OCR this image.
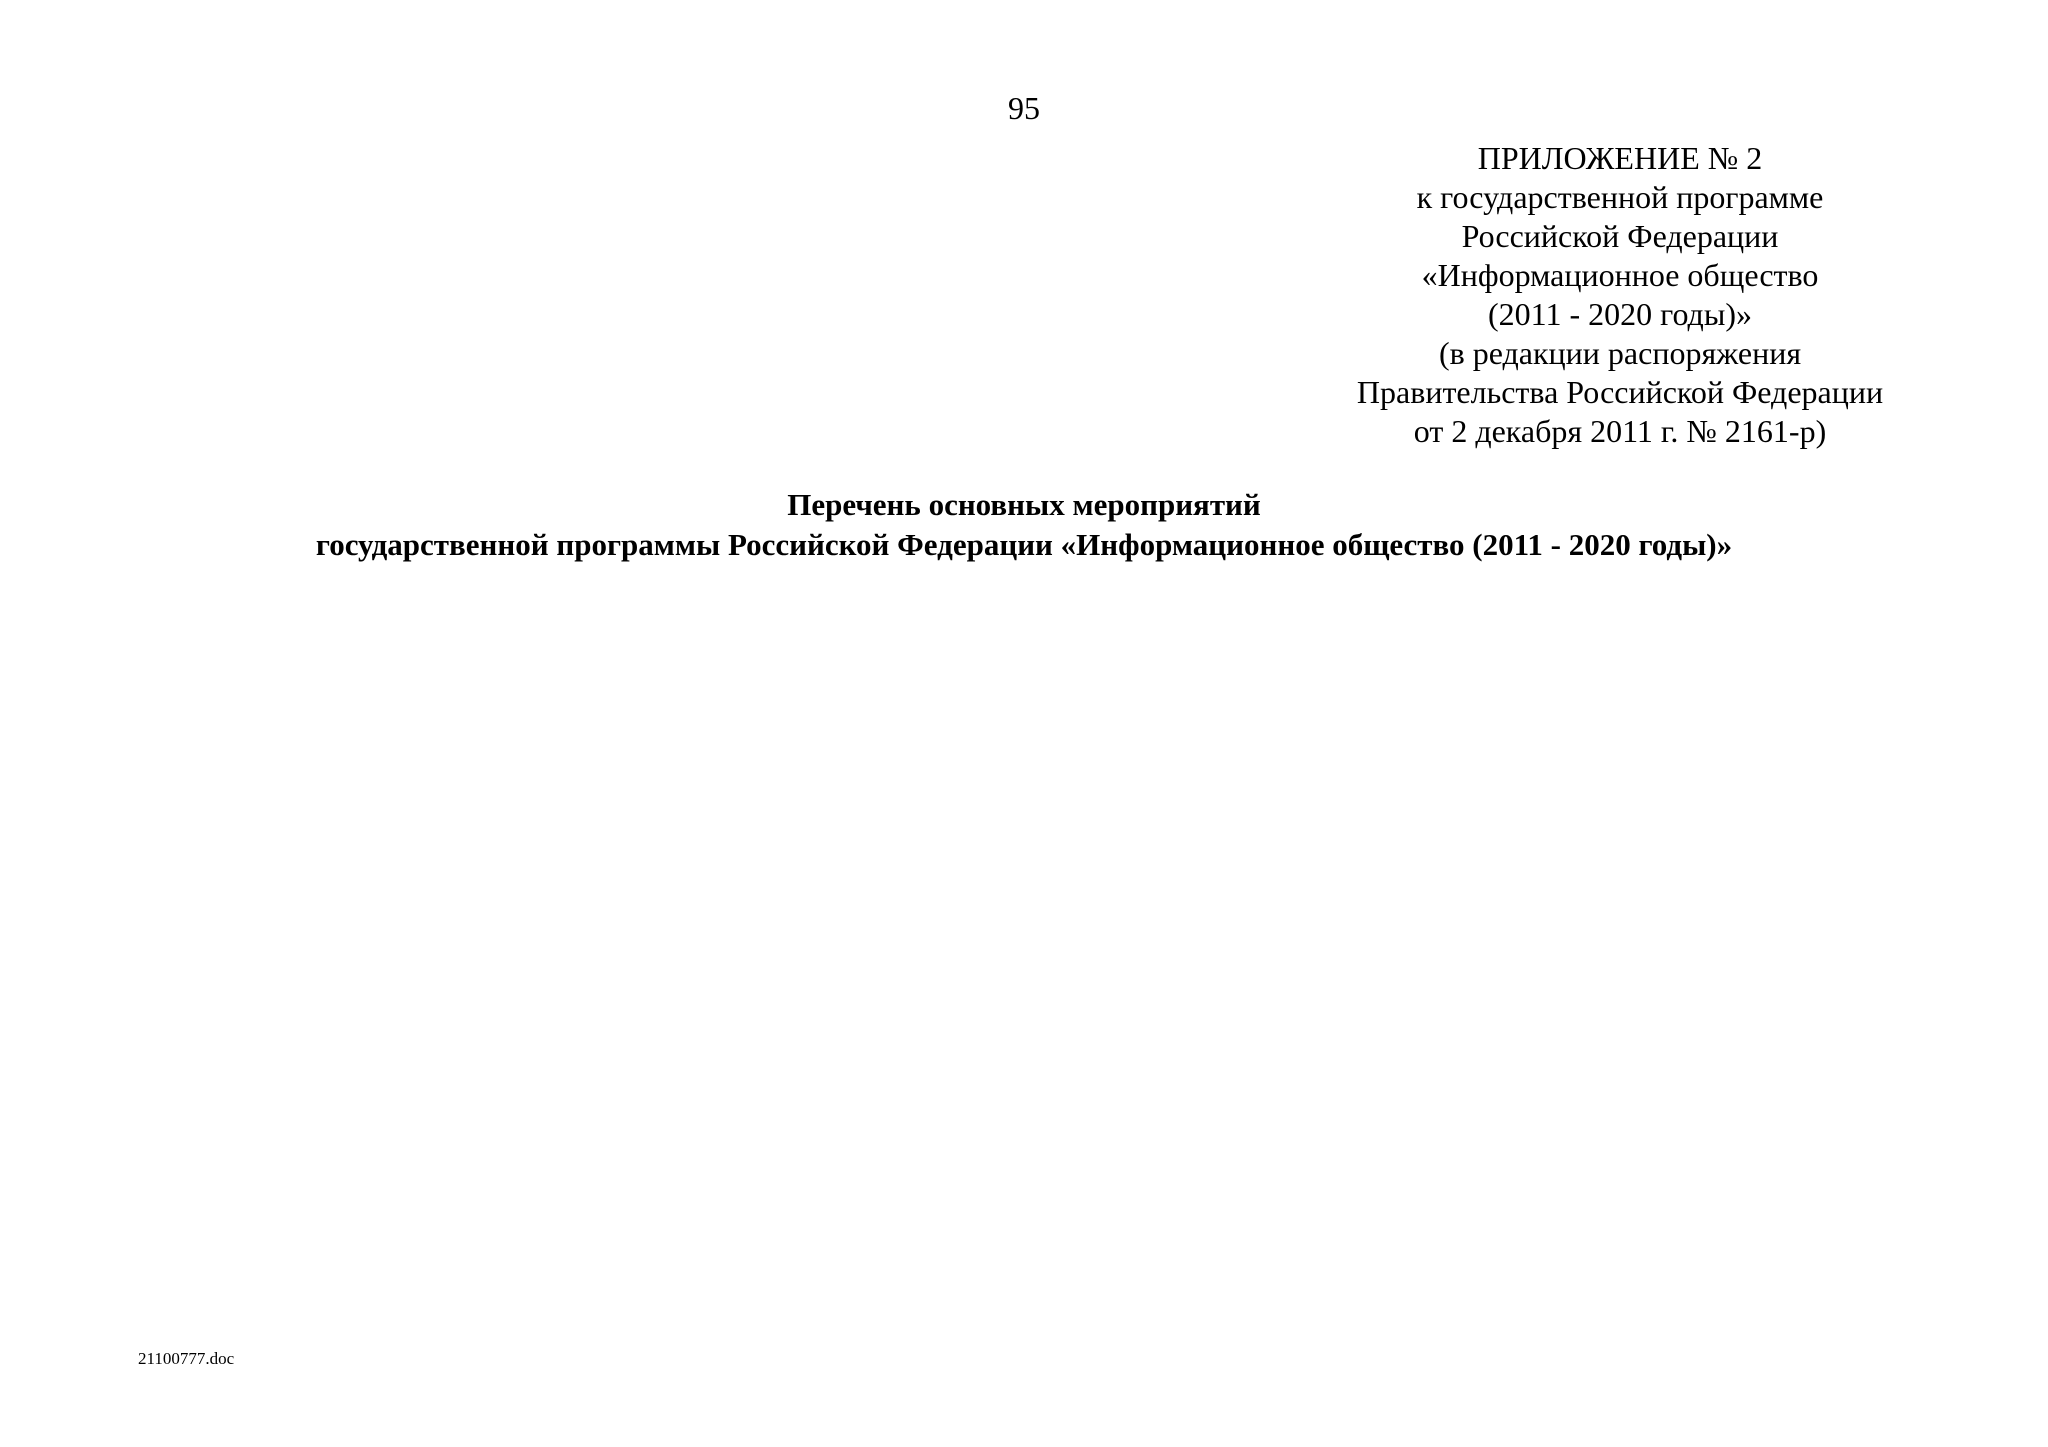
95
ПРИЛОЖЕНИЕ № 2
к государственной программе
Российской Федерации
«Информационное общество
(2011 - 2020 годы)»
(в редакции распоряжения
Правительства Российской Федерации
от 2 декабря 2011 г. № 2161-р)
Перечень основных мероприятий
государственной программы Российской Федерации «Информационное общество (2011 - 2020 годы)»
21100777.doc
